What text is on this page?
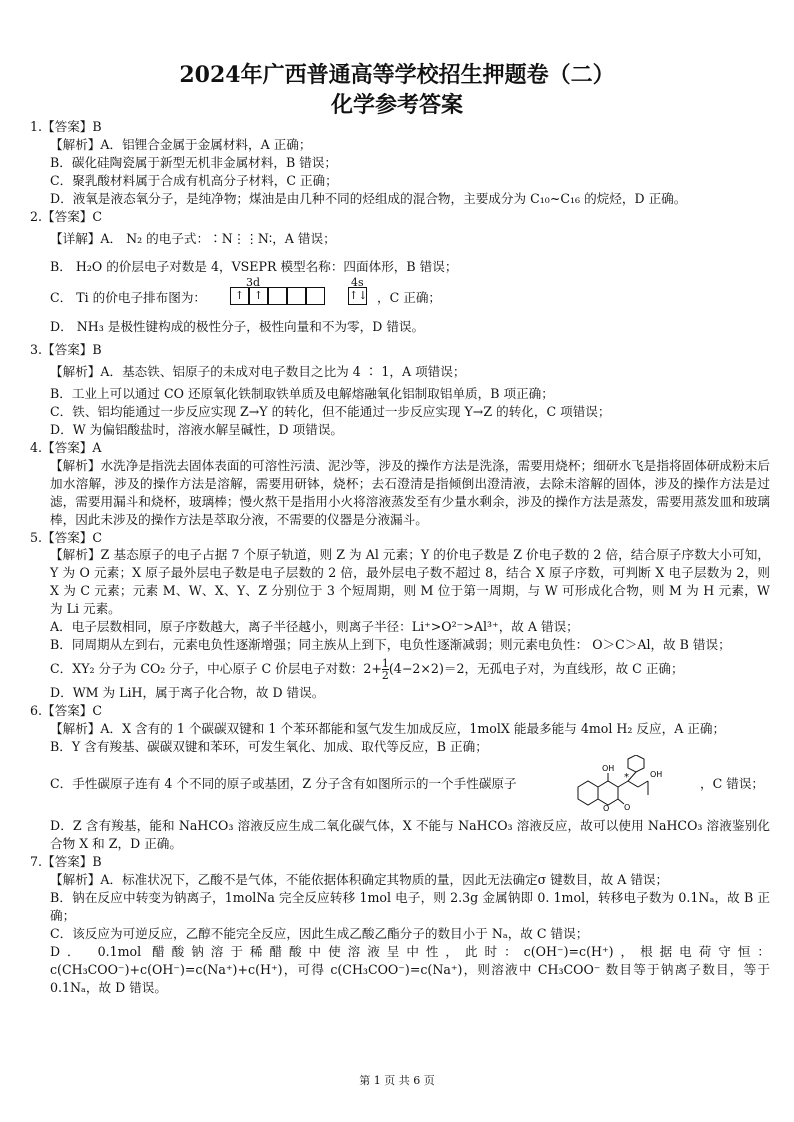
2024年广西普通高等学校招生押题卷（二）
化学参考答案
1.【答案】B
【解析】A．铝锂合金属于金属材料，A 正确；
B．碳化硅陶瓷属于新型无机非金属材料，B 错误；
C．聚乳酸材料属于合成有机高分子材料，C 正确；
D．液氧是液态氧分子，是纯净物；煤油是由几种不同的烃组成的混合物，主要成分为 C₁₀~C₁₆ 的烷烃，D 正确。
2.【答案】C
【详解】A． N₂ 的电子式：∶N⋮⋮N∶，A 错误；
B． H₂O 的价层电子对数是 4，VSEPR 模型名称：四面体形，B 错误；
C． Ti 的价电子排布图为：
3d	4s
↑ ↑	↑↓ ，C 正确；
D． NH₃ 是极性键构成的极性分子，极性向量和不为零，D 错误。
3.【答案】B
【解析】A．基态铁、铝原子的未成对电子数目之比为 4 ∶ 1，A 项错误；
B．工业上可以通过 CO 还原氧化铁制取铁单质及电解熔融氧化铝制取铝单质，B 项正确；
C．铁、铝均能通过一步反应实现 Z→Y 的转化，但不能通过一步反应实现 Y→Z 的转化，C 项错误；
D．W 为偏铝酸盐时，溶液水解呈碱性，D 项错误。
4.【答案】A
【解析】水洗净是指洗去固体表面的可溶性污渍、泥沙等，涉及的操作方法是洗涤，需要用烧杯；细研水飞是指将固体研成粉末后加水溶解，涉及的操作方法是溶解，需要用研钵，烧杯；去石澄清是指倾倒出澄清液，去除未溶解的固体，涉及的操作方法是过滤，需要用漏斗和烧杯，玻璃棒；慢火熬干是指用小火将溶液蒸发至有少量水剩余，涉及的操作方法是蒸发，需要用蒸发皿和玻璃棒，因此未涉及的操作方法是萃取分液，不需要的仪器是分液漏斗。
5.【答案】C
【解析】Z 基态原子的电子占据 7 个原子轨道，则 Z 为 Al 元素；Y 的价电子数是 Z 价电子数的 2 倍，结合原子序数大小可知，Y 为 O 元素；X 原子最外层电子数是电子层数的 2 倍，最外层电子数不超过 8，结合 X 原子序数，可判断 X 电子层数为 2，则 X 为 C 元素；元素 M、W、X、Y、Z 分别位于 3 个短周期，则 M 位于第一周期，与 W 可形成化合物，则 M 为 H 元素，W 为 Li 元素。
A．电子层数相同，原子序数越大，离子半径越小，则离子半径：Li⁺>O²⁻>Al³⁺，故 A 错误；
B．同周期从左到右，元素电负性逐渐增强；同主族从上到下，电负性逐渐减弱；则元素电负性： O＞C＞Al，故 B 错误；
C．XY₂ 分子为 CO₂ 分子，中心原子 C 价层电子对数：$2+ \frac{1}{2} (4-2\times 2)=2$，无孤电子对，为直线形，故 C 正确；
D．WM 为 LiH，属于离子化合物，故 D 错误。
6.【答案】C
【解析】A．X 含有的 1 个碳碳双键和 1 个苯环都能和氢气发生加成反应，1molX 能最多能与 4mol H₂ 反应，A 正确；
B．Y 含有羧基、碳碳双键和苯环，可发生氧化、加成、取代等反应，B 正确；
C．手性碳原子连有 4 个不同的原子或基团，Z 分子含有如图所示的一个手性碳原子
OH
O O
OH
*	，C 错误；
D．Z 含有羧基，能和 NaHCO₃ 溶液反应生成二氧化碳气体，X 不能与 NaHCO₃ 溶液反应，故可以使用 NaHCO₃ 溶液鉴别化合物 X 和 Z，D 正确。
7.【答案】B
【解析】A．标准状况下，乙酸不是气体，不能依据体积确定其物质的量，因此无法确定σ 键数目，故 A 错误；
B．钠在反应中转变为钠离子，1molNa 完全反应转移 1mol 电子，则 2.3g 金属钠即 0. 1mol，转移电子数为 0.1Nₐ，故 B 正确；
C．该反应为可逆反应，乙醇不能完全反应，因此生成乙酸乙酯分子的数目小于 Nₐ，故 C 错误；
D． 0.1mol 醋酸钠溶于稀醋酸中使溶液呈中性，此时：c(OH⁻)=c(H⁺)，根据电荷守恒：c(CH₃COO⁻)+c(OH⁻)=c(Na⁺)+c(H⁺)，可得 c(CH₃COO⁻)=c(Na⁺)，则溶液中 CH₃COO⁻ 数目等于钠离子数目，等于 0.1Nₐ，故 D 错误。
第 1 页 共 6 页
